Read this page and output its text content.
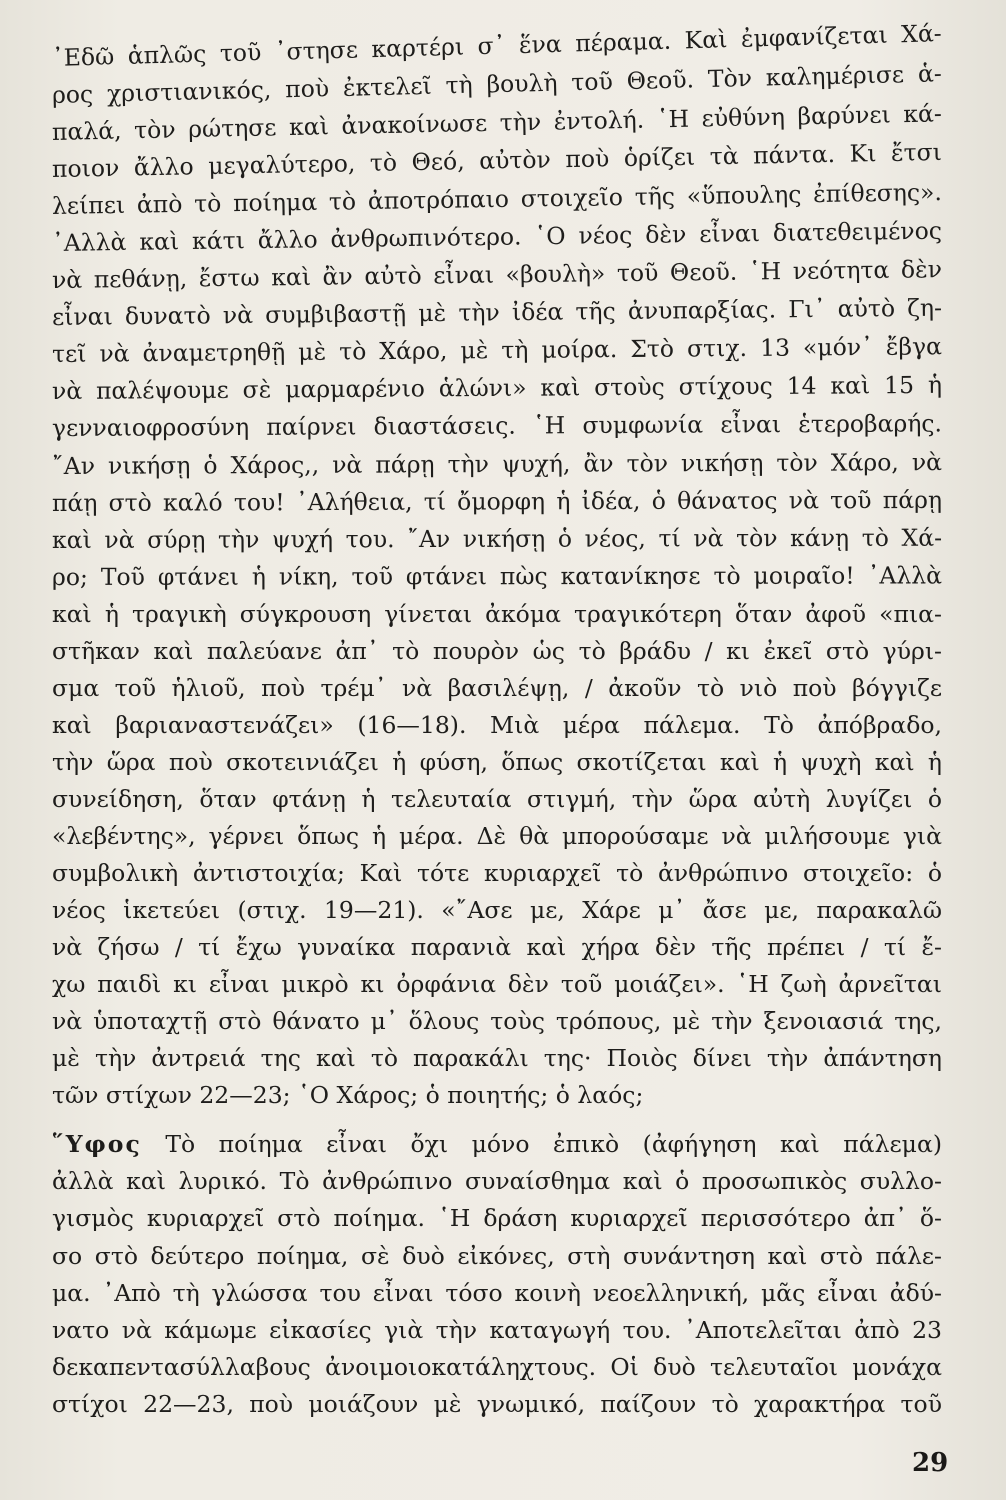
᾿Εδῶ ἁπλῶς τοῦ ᾿στησε καρτέρι σ᾿ ἕνα πέραμα. Καὶ ἐμφανίζεται Χά-
ρος χριστιανικός, ποὺ ἐκτελεῖ τὴ βουλὴ τοῦ Θεοῦ. Τὸν καλημέρισε ἁ-
παλά, τὸν ρώτησε καὶ ἀνακοίνωσε τὴν ἐντολή. ῾Η εὐθύνη βαρύνει κά-
ποιον ἄλλο μεγαλύτερο, τὸ Θεό, αὐτὸν ποὺ ὁρίζει τὰ πάντα. Κι ἔτσι
λείπει ἀπὸ τὸ ποίημα τὸ ἀποτρόπαιο στοιχεῖο τῆς «ὕπουλης ἐπίθεσης».
᾿Αλλὰ καὶ κάτι ἄλλο ἀνθρωπινότερο. ῾Ο νέος δὲν εἶναι διατεθειμένος
νὰ πεθάνῃ, ἔστω καὶ ἂν αὐτὸ εἶναι «βουλὴ» τοῦ Θεοῦ. ῾Η νεότητα δὲν
εἶναι δυνατὸ νὰ συμβιβαστῇ μὲ τὴν ἰδέα τῆς ἀνυπαρξίας. Γι᾿ αὐτὸ ζη-
τεῖ νὰ ἀναμετρηθῇ μὲ τὸ Χάρο, μὲ τὴ μοίρα. Στὸ στιχ. 13 «μόν᾿ ἔβγα
νὰ παλέψουμε σὲ μαρμαρένιο ἁλώνι» καὶ στοὺς στίχους 14 καὶ 15 ἡ
γενναιοφροσύνη παίρνει διαστάσεις. ῾Η συμφωνία εἶναι ἑτεροβαρής.
῎Αν νικήσῃ ὁ Χάρος,, νὰ πάρῃ τὴν ψυχή, ἂν τὸν νικήσῃ τὸν Χάρο, νὰ
πάῃ στὸ καλό του! ᾿Αλήθεια, τί ὄμορφη ἡ ἰδέα, ὁ θάνατος νὰ τοῦ πάρῃ
καὶ νὰ σύρῃ τὴν ψυχή του. ῎Αν νικήσῃ ὁ νέος, τί νὰ τὸν κάνῃ τὸ Χά-
ρο; Τοῦ φτάνει ἡ νίκη, τοῦ φτάνει πὼς κατανίκησε τὸ μοιραῖο! ᾿Αλλὰ
καὶ ἡ τραγικὴ σύγκρουση γίνεται ἀκόμα τραγικότερη ὅταν ἀφοῦ «πια-
στῆκαν καὶ παλεύανε ἀπ᾿ τὸ πουρὸν ὡς τὸ βράδυ / κι ἐκεῖ στὸ γύρι-
σμα τοῦ ἡλιοῦ, ποὺ τρέμ᾿ νὰ βασιλέψῃ, / ἀκοῦν τὸ νιὸ ποὺ βόγγιζε
καὶ βαριαναστενάζει» (16—18). Μιὰ μέρα πάλεμα. Τὸ ἀπόβραδο,
τὴν ὥρα ποὺ σκοτεινιάζει ἡ φύση, ὅπως σκοτίζεται καὶ ἡ ψυχὴ καὶ ἡ
συνείδηση, ὅταν φτάνῃ ἡ τελευταία στιγμή, τὴν ὥρα αὐτὴ λυγίζει ὁ
«λεβέντης», γέρνει ὅπως ἡ μέρα. Δὲ θὰ μπορούσαμε νὰ μιλήσουμε γιὰ
συμβολικὴ ἀντιστοιχία; Καὶ τότε κυριαρχεῖ τὸ ἀνθρώπινο στοιχεῖο: ὁ
νέος ἱκετεύει (στιχ. 19—21). «῎Ασε με, Χάρε μ᾿ ἄσε με, παρακαλῶ
νὰ ζήσω / τί ἔχω γυναίκα παρανιὰ καὶ χήρα δὲν τῆς πρέπει / τί ἔ-
χω παιδὶ κι εἶναι μικρὸ κι ὀρφάνια δὲν τοῦ μοιάζει». ῾Η ζωὴ ἀρνεῖται
νὰ ὑποταχτῇ στὸ θάνατο μ᾿ ὅλους τοὺς τρόπους, μὲ τὴν ξενοιασιά της,
μὲ τὴν ἀντρειά της καὶ τὸ παρακάλι της· Ποιὸς δίνει τὴν ἀπάντηση
τῶν στίχων 22—23; ῾Ο Χάρος; ὁ ποιητής; ὁ λαός;
῞Υφος Τὸ ποίημα εἶναι ὄχι μόνο ἐπικὸ (ἀφήγηση καὶ πάλεμα)
ἀλλὰ καὶ λυρικό. Τὸ ἀνθρώπινο συναίσθημα καὶ ὁ προσωπικὸς συλλο-
γισμὸς κυριαρχεῖ στὸ ποίημα. ῾Η δράση κυριαρχεῖ περισσότερο ἀπ᾿ ὅ-
σο στὸ δεύτερο ποίημα, σὲ δυὸ εἰκόνες, στὴ συνάντηση καὶ στὸ πάλε-
μα. ᾿Απὸ τὴ γλώσσα του εἶναι τόσο κοινὴ νεοελληνική, μᾶς εἶναι ἀδύ-
νατο νὰ κάμωμε εἰκασίες γιὰ τὴν καταγωγή του. ᾿Αποτελεῖται ἀπὸ 23
δεκαπεντασύλλαβους ἀνοιμοιοκατάληχτους. Οἱ δυὸ τελευταῖοι μονάχα
στίχοι 22—23, ποὺ μοιάζουν μὲ γνωμικό, παίζουν τὸ χαρακτήρα τοῦ
29
